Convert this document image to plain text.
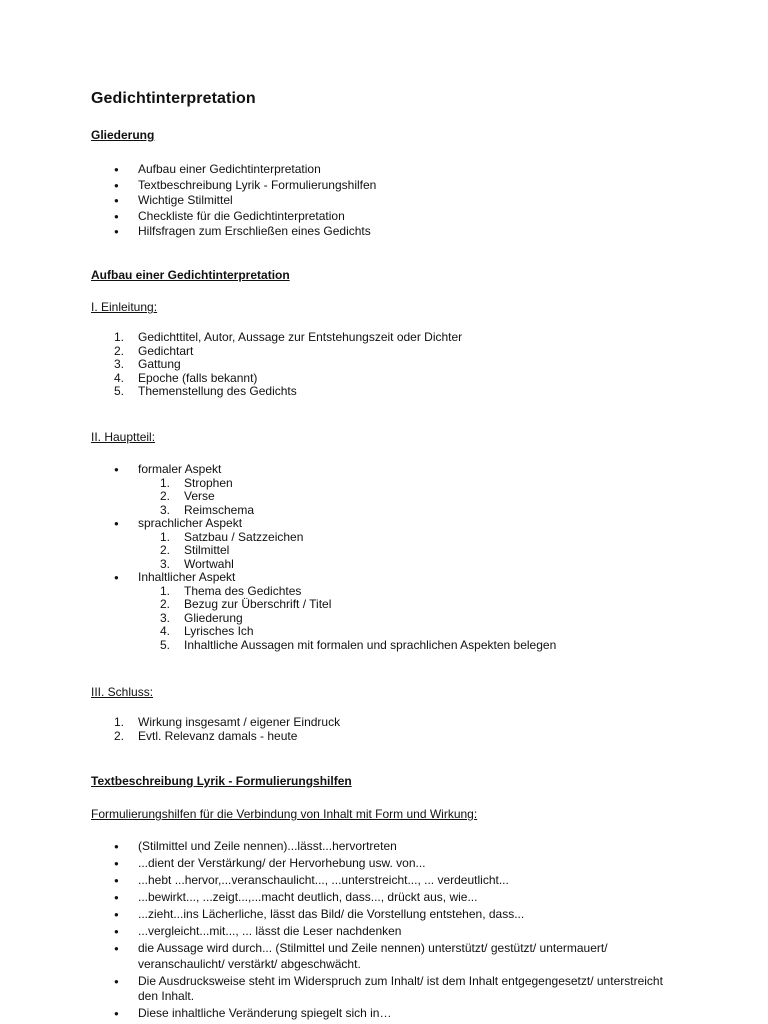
Gedichtinterpretation

Gliederung

● Aufbau einer Gedichtinterpretation
● Textbeschreibung Lyrik - Formulierungshilfen
● Wichtige Stilmittel
● Checkliste für die Gedichtinterpretation
● Hilfsfragen zum Erschließen eines Gedichts

Aufbau einer Gedichtinterpretation

I. Einleitung:

1. Gedichttitel, Autor, Aussage zur Entstehungszeit oder Dichter
2. Gedichtart
3. Gattung
4. Epoche (falls bekannt)
5. Themenstellung des Gedichts

II. Hauptteil:

● formaler Aspekt
1. Strophen
2. Verse
3. Reimschema
● sprachlicher Aspekt
1. Satzbau / Satzzeichen
2. Stilmittel
3. Wortwahl
● Inhaltlicher Aspekt
1. Thema des Gedichtes
2. Bezug zur Überschrift / Titel
3. Gliederung
4. Lyrisches Ich
5. Inhaltliche Aussagen mit formalen und sprachlichen Aspekten belegen

III. Schluss:

1. Wirkung insgesamt / eigener Eindruck
2. Evtl. Relevanz damals - heute

Textbeschreibung Lyrik - Formulierungshilfen

Formulierungshilfen für die Verbindung von Inhalt mit Form und Wirkung:

● (Stilmittel und Zeile nennen)...lässt...hervortreten
● ...dient der Verstärkung/ der Hervorhebung usw. von...
● ...hebt ...hervor,...veranschaulicht..., ...unterstreicht..., ... verdeutlicht...
● ...bewirkt..., ...zeigt...,...macht deutlich, dass..., drückt aus, wie...
● ...zieht...ins Lächerliche, lässt das Bild/ die Vorstellung entstehen, dass...
● ...vergleicht...mit..., ... lässt die Leser nachdenken
● die Aussage wird durch... (Stilmittel und Zeile nennen) unterstützt/ gestützt/ untermauert/ veranschaulicht/ verstärkt/ abgeschwächt.
● Die Ausdrucksweise steht im Widerspruch zum Inhalt/ ist dem Inhalt entgegengesetzt/ unterstreicht den Inhalt.
● Diese inhaltliche Veränderung spiegelt sich in…
